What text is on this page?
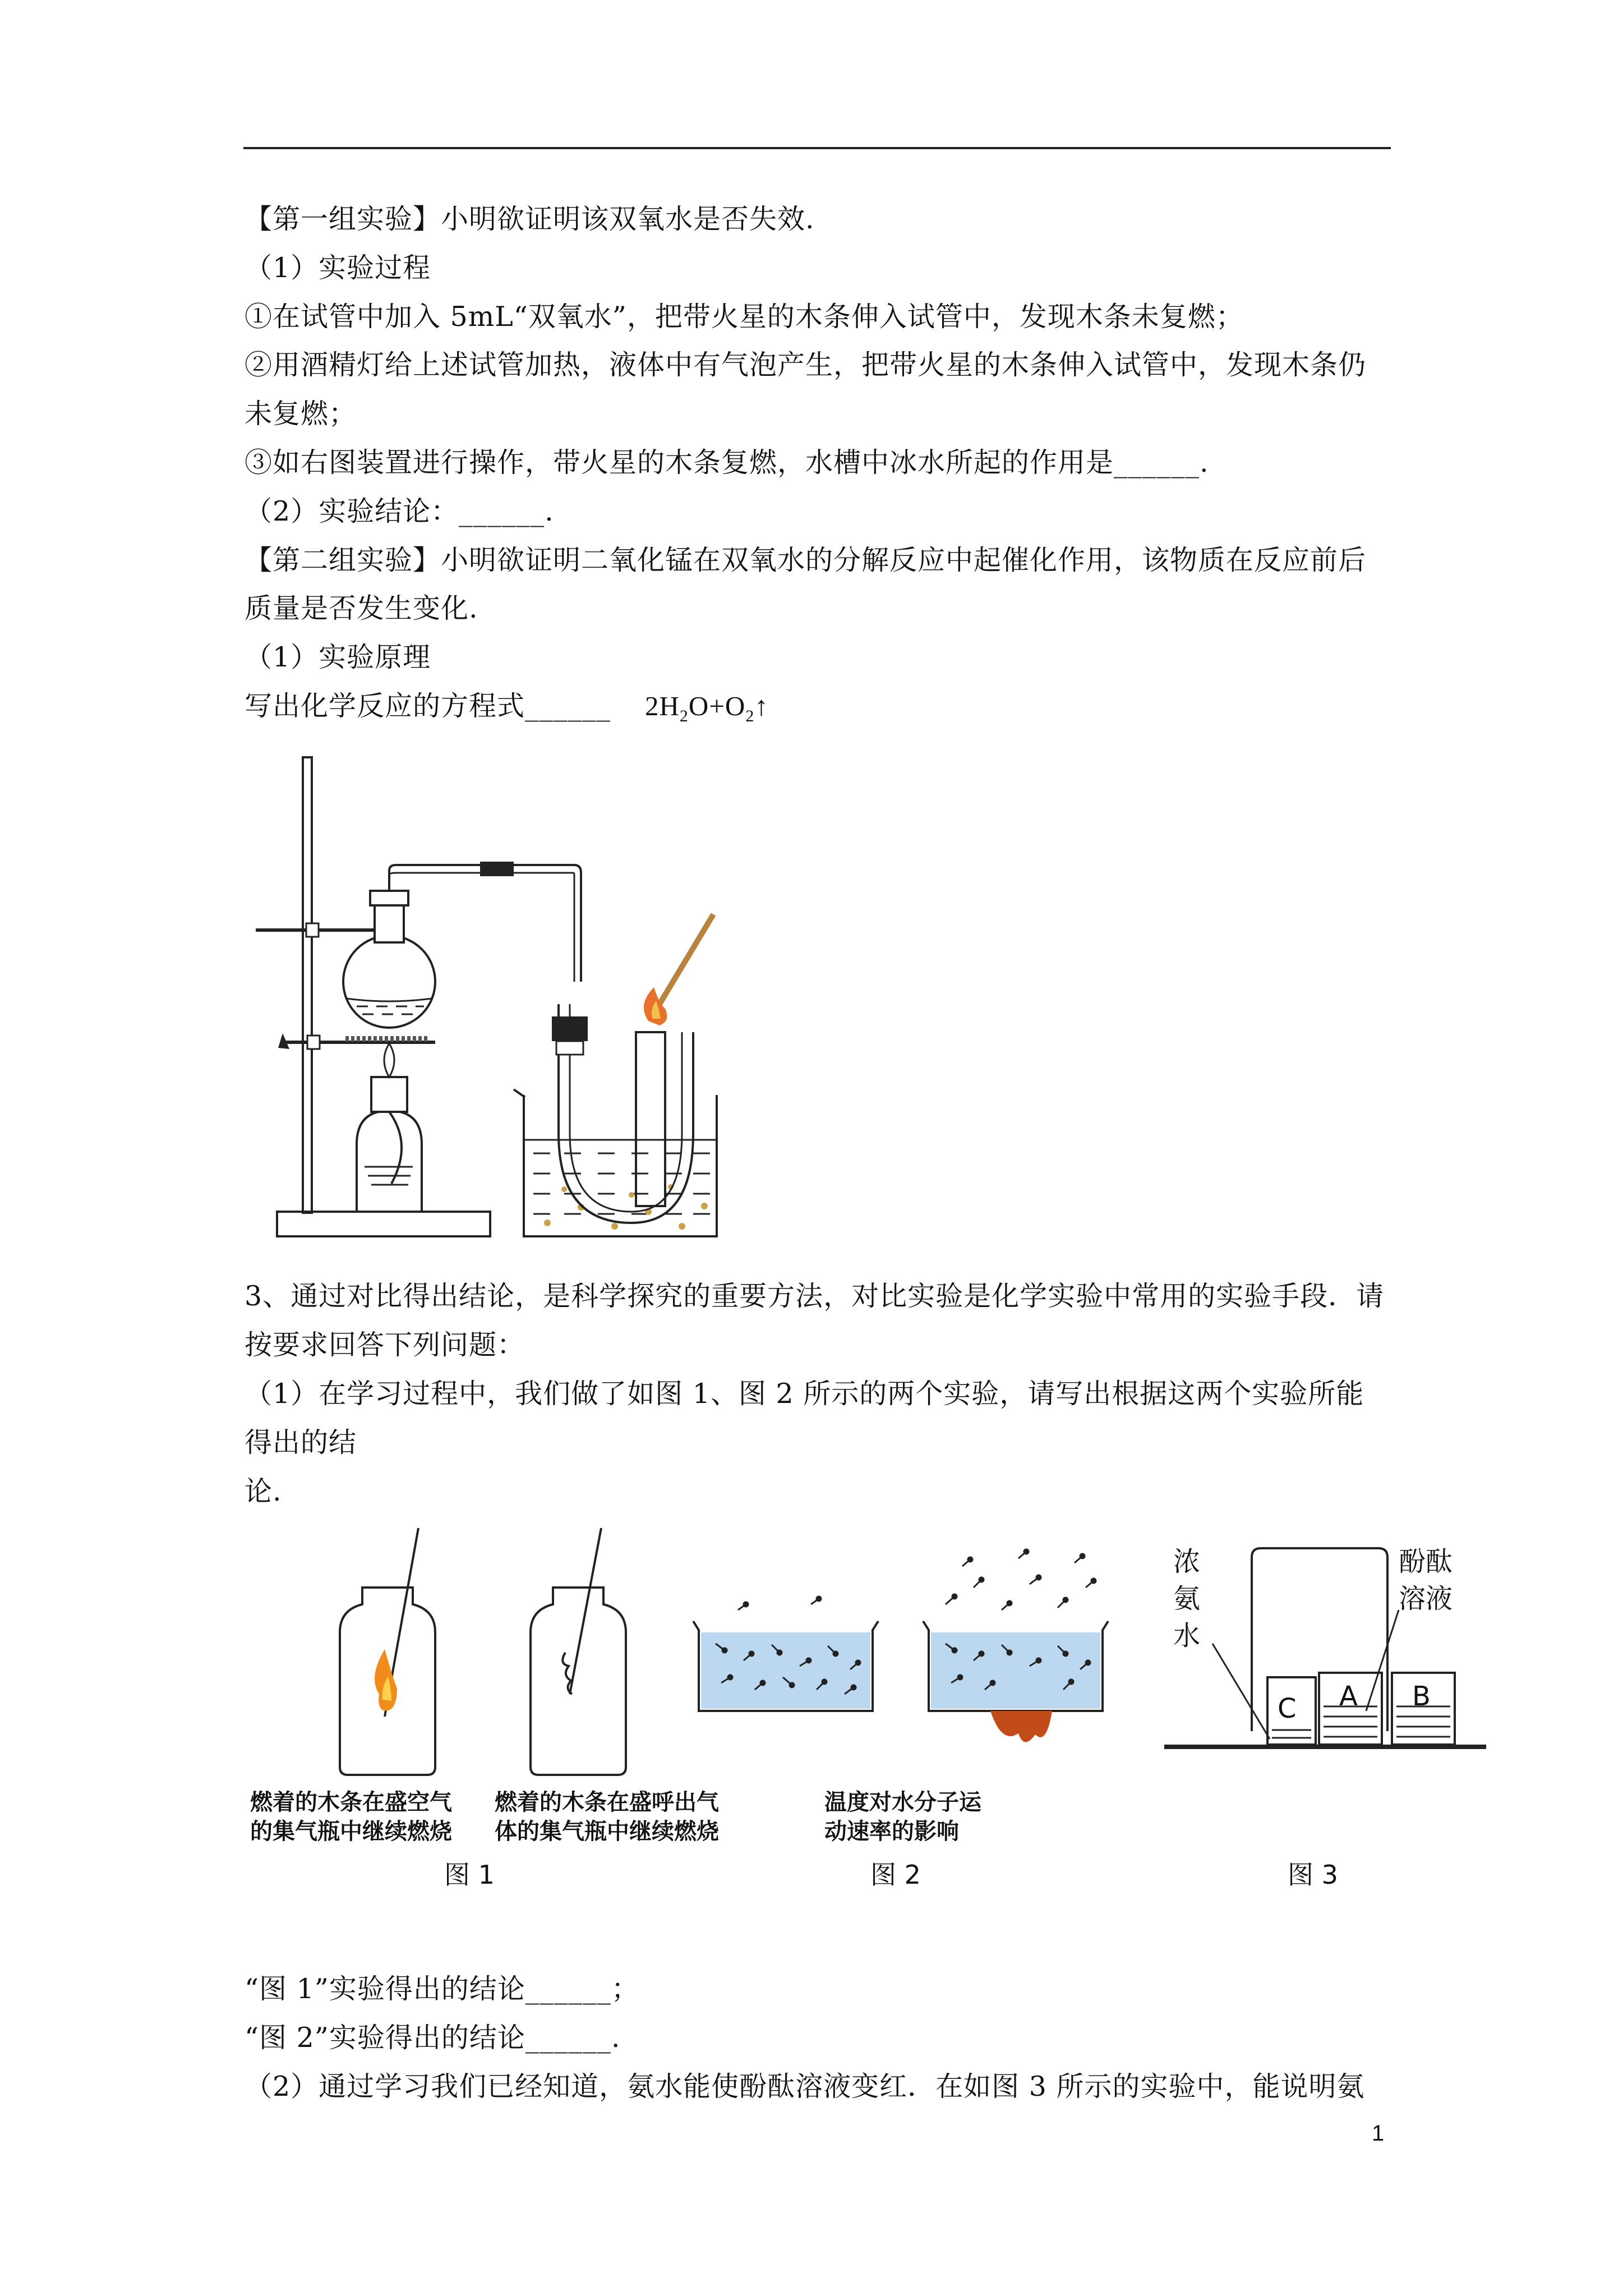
【第一组实验】小明欲证明该双氧水是否失效.
（1）实验过程
①在试管中加入 5mL“双氧水”，把带火星的木条伸入试管中，发现木条未复燃；
②用酒精灯给上述试管加热，液体中有气泡产生，把带火星的木条伸入试管中，发现木条仍
未复燃；
③如右图装置进行操作，带火星的木条复燃，水槽中冰水所起的作用是______.
（2）实验结论：______.
【第二组实验】小明欲证明二氧化锰在双氧水的分解反应中起催化作用，该物质在反应前后
质量是否发生变化.
（1）实验原理
写出化学反应的方程式______ $2H_2O+O_2↑$
3、通过对比得出结论，是科学探究的重要方法，对比实验是化学实验中常用的实验手段．请
按要求回答下列问题：
（1）在学习过程中，我们做了如图 1、图 2 所示的两个实验，请写出根据这两个实验所能
得出的结
论.
燃着的木条在盛空气
的集气瓶中继续燃烧
燃着的木条在盛呼出气
体的集气瓶中继续燃烧
图 1
温度对水分子运
动速率的影响
图 2
C A B
浓
氨
水
酚酞
溶液
图 3
“图 1”实验得出的结论______；
“图 2”实验得出的结论______.
（2）通过学习我们已经知道，氨水能使酚酞溶液变红．在如图 3 所示的实验中，能说明氨
1
